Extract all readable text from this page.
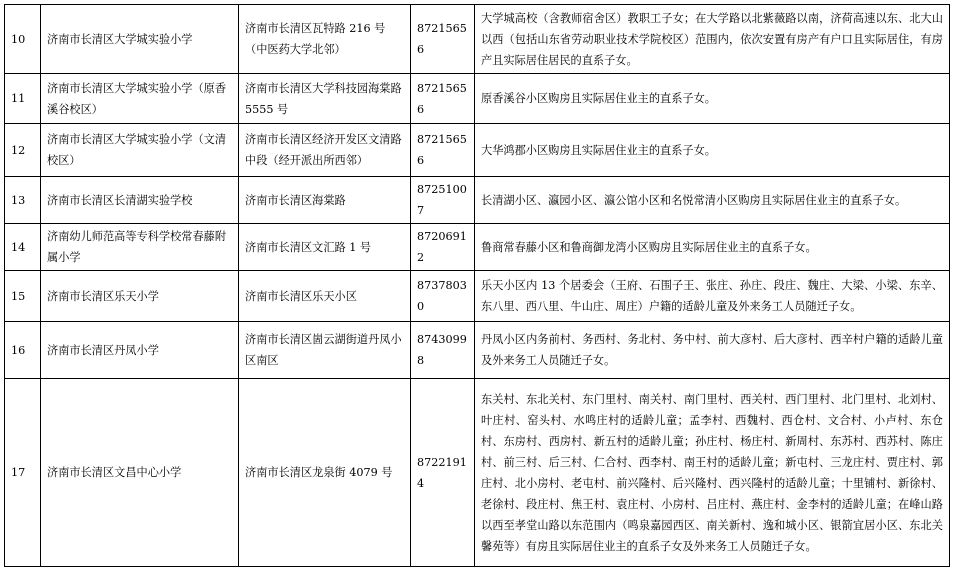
10	济南市长清区大学城实验小学	济南市长清区瓦特路 216 号（中医药大学北邻）	87215656	大学城高校（含教师宿舍区）教职工子女；在大学路以北紫薇路以南，济荷高速以东、北大山以西（包括山东省劳动职业技术学院校区）范围内，依次安置有房产有户口且实际居住，有房产且实际居住居民的直系子女。
11	济南市长清区大学城实验小学（原香溪谷校区）	济南市长清区大学科技园海棠路 5555 号	87215656	原香溪谷小区购房且实际居住业主的直系子女。
12	济南市长清区大学城实验小学（文清校区）	济南市长清区经济开发区文清路中段（经开派出所西邻）	87215656	大华鸿郡小区购房且实际居住业主的直系子女。
13	济南市长清区长清湖实验学校	济南市长清区海棠路	87251007	长清湖小区、瀛园小区、瀛公馆小区和名悦常清小区购房且实际居住业主的直系子女。
14	济南幼儿师范高等专科学校常春藤附属小学	济南市长清区文汇路 1 号	87206912	鲁商常春藤小区和鲁商御龙湾小区购房且实际居住业主的直系子女。
15	济南市长清区乐天小学	济南市长清区乐天小区	87378030	乐天小区内 13 个居委会（王府、石围子王、张庄、孙庄、段庄、魏庄、大梁、小梁、东辛、东八里、西八里、牛山庄、周庄）户籍的适龄儿童及外来务工人员随迁子女。
16	济南市长清区丹凤小学	济南市长清区崮云湖街道丹凤小区南区	87430998	丹凤小区内务前村、务西村、务北村、务中村、前大彦村、后大彦村、西辛村户籍的适龄儿童及外来务工人员随迁子女。
17	济南市长清区文昌中心小学	济南市长清区龙泉街 4079 号	87221914	东关村、东北关村、东门里村、南关村、南门里村、西关村、西门里村、北门里村、北刘村、叶庄村、窑头村、水鸣庄村的适龄儿童；孟李村、西魏村、西仓村、文合村、小卢村、东仓村、东房村、西房村、新五村的适龄儿童；孙庄村、杨庄村、新周村、东苏村、西苏村、陈庄村、前三村、后三村、仁合村、西李村、南王村的适龄儿童；新屯村、三龙庄村、贾庄村、郭庄村、北小房村、老屯村、前兴隆村、后兴隆村、西兴隆村的适龄儿童；十里铺村、新徐村、老徐村、段庄村、焦王村、袁庄村、小房村、吕庄村、燕庄村、金李村的适龄儿童；在峰山路以西至孝堂山路以东范围内（鸣泉嘉园西区、南关新村、逸和城小区、银箭宜居小区、东北关馨苑等）有房且实际居住业主的直系子女及外来务工人员随迁子女。
